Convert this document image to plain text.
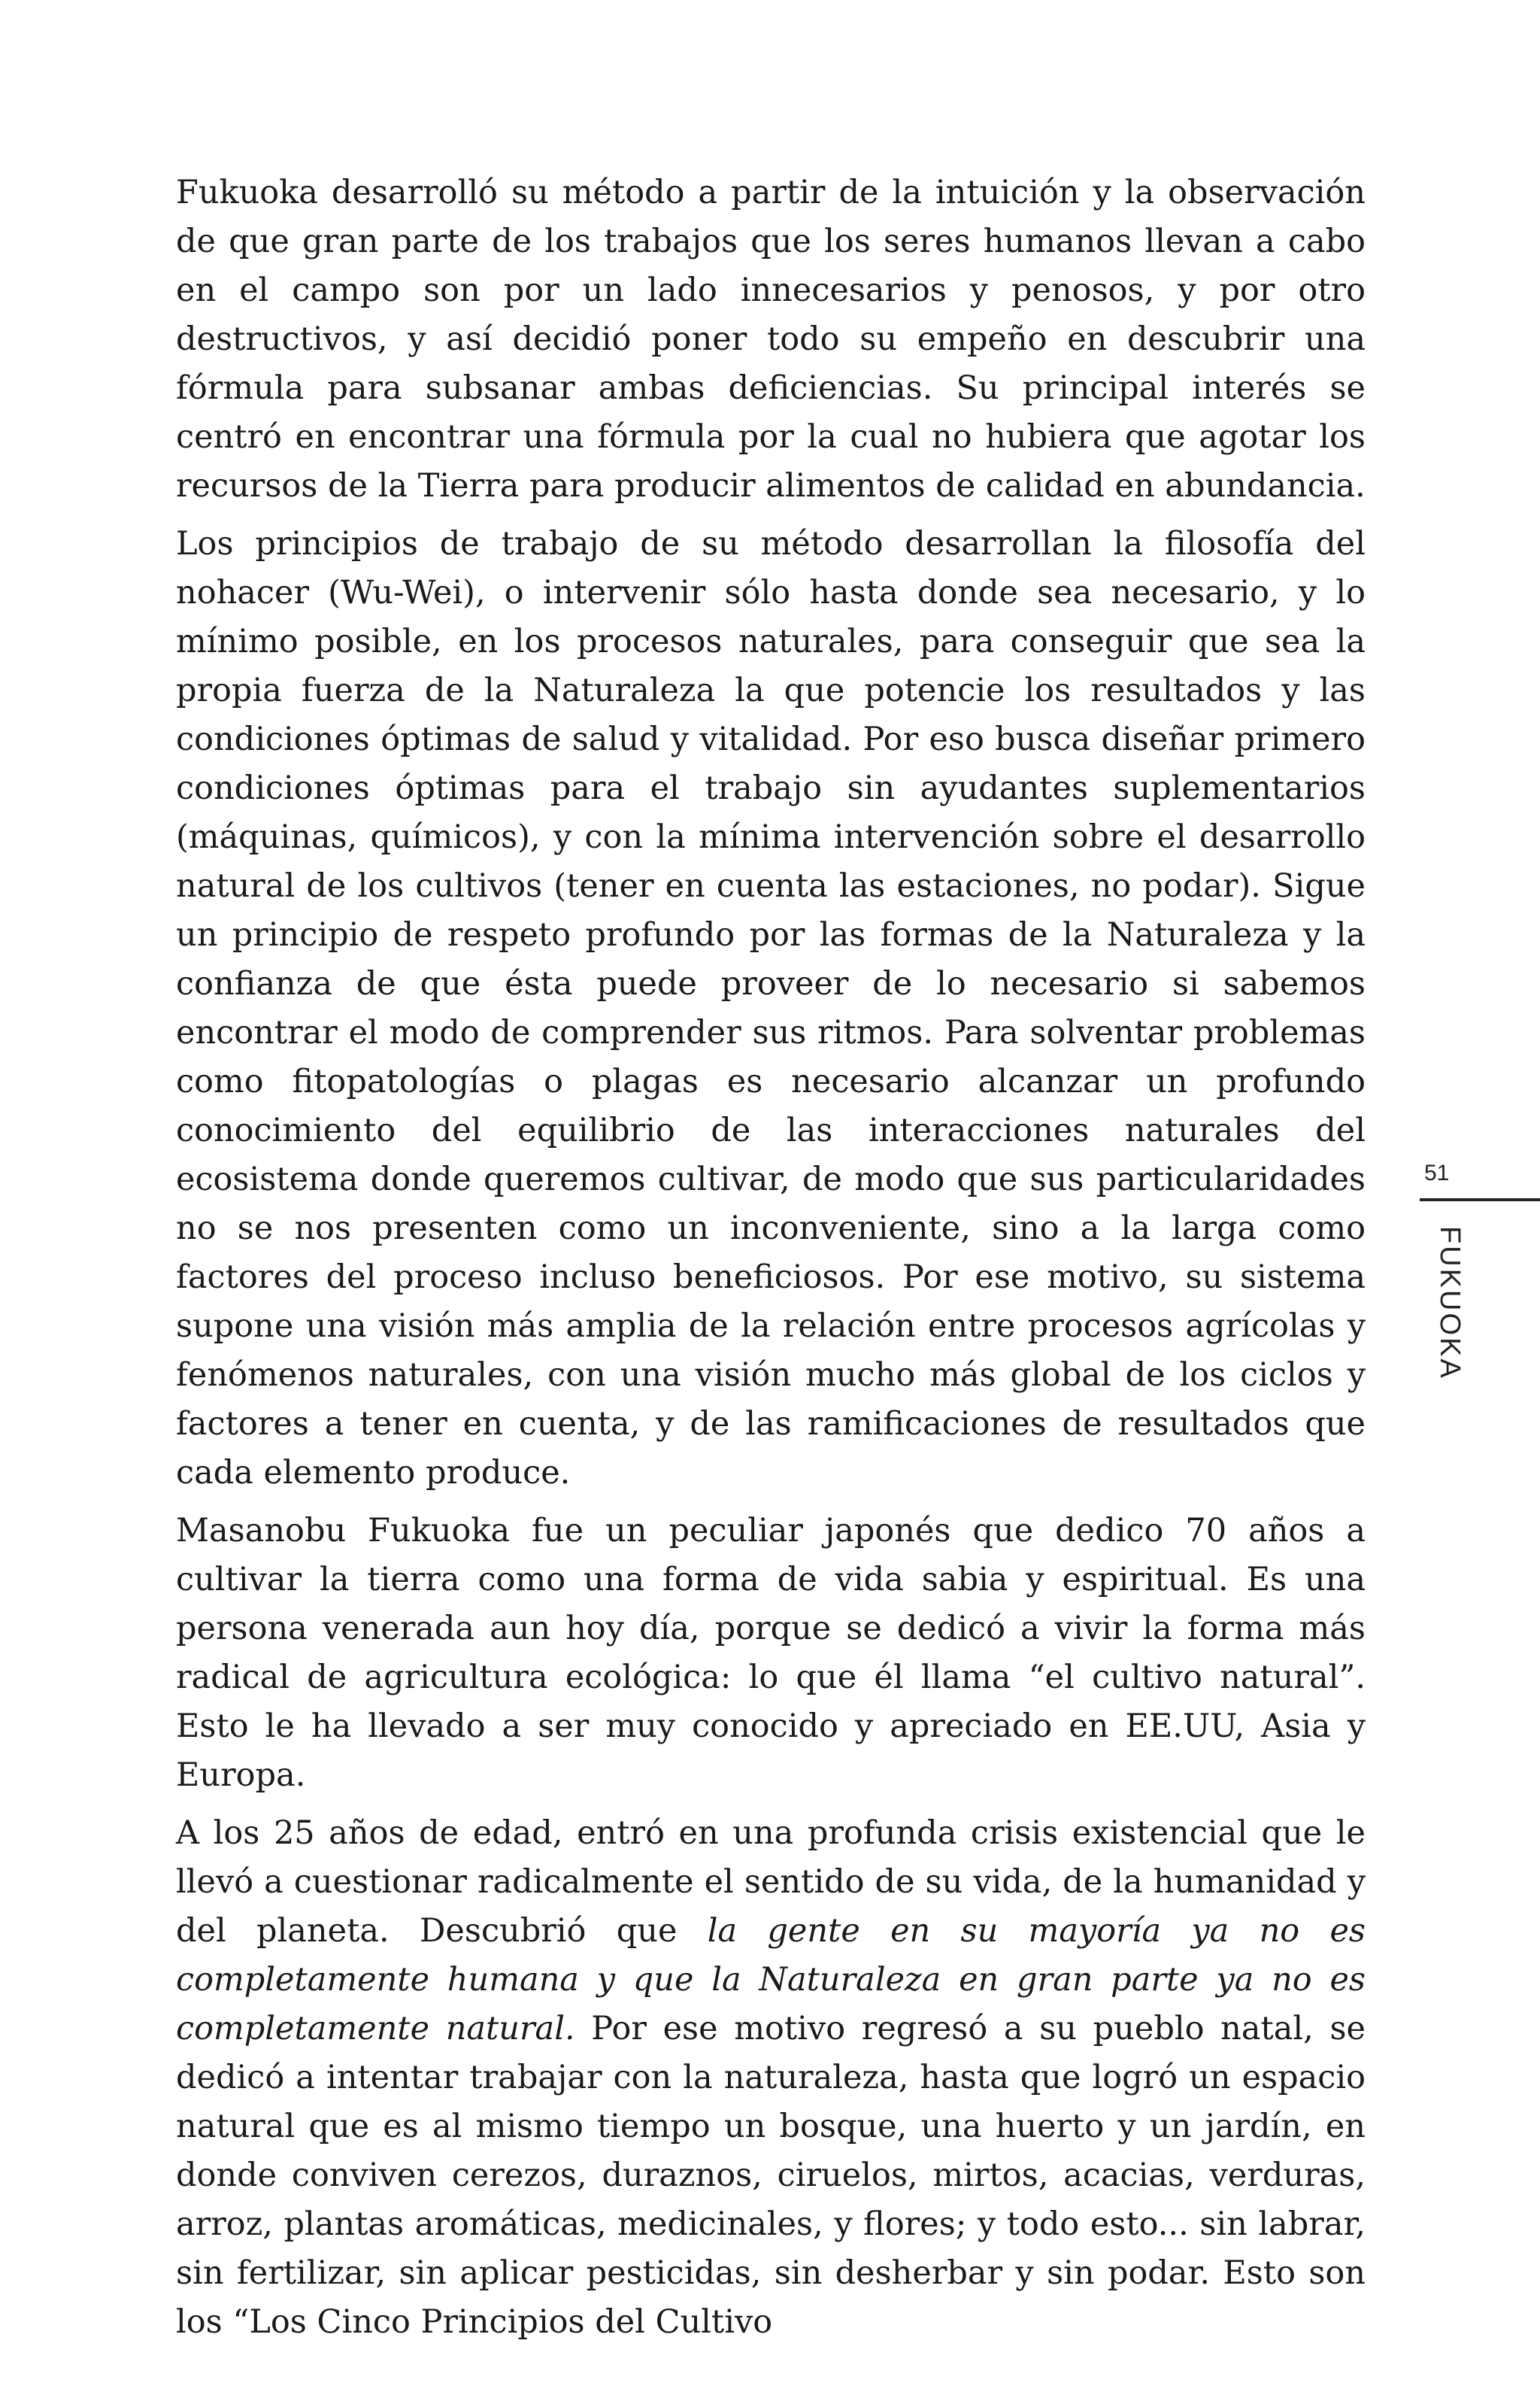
Fukuoka desarrolló su método a partir de la intuición y la observación de que gran parte de los trabajos que los seres humanos llevan a cabo en el campo son por un lado innecesarios y penosos, y por otro destructivos, y así decidió poner todo su empeño en descubrir una fórmula para subsanar ambas deficiencias. Su principal interés se centró en encontrar una fórmula por la cual no hubiera que agotar los recursos de la Tierra para producir alimentos de calidad en abundancia.

Los principios de trabajo de su método desarrollan la filosofía del nohacer (Wu-Wei), o intervenir sólo hasta donde sea necesario, y lo mínimo posible, en los procesos naturales, para conseguir que sea la propia fuerza de la Naturaleza la que potencie los resultados y las condiciones óptimas de salud y vitalidad. Por eso busca diseñar primero condiciones óptimas para el trabajo sin ayudantes suplementarios (máquinas, químicos), y con la mínima intervención sobre el desarrollo natural de los cultivos (tener en cuenta las estaciones, no podar). Sigue un principio de respeto profundo por las formas de la Naturaleza y la confianza de que ésta puede proveer de lo necesario si sabemos encontrar el modo de comprender sus ritmos. Para solventar problemas como fitopatologías o plagas es necesario alcanzar un profundo conocimiento del equilibrio de las interacciones naturales del ecosistema donde queremos cultivar, de modo que sus particularidades no se nos presenten como un inconveniente, sino a la larga como factores del proceso incluso beneficiosos. Por ese motivo, su sistema supone una visión más amplia de la relación entre procesos agrícolas y fenómenos naturales, con una visión mucho más global de los ciclos y factores a tener en cuenta, y de las ramificaciones de resultados que cada elemento produce.

Masanobu Fukuoka fue un peculiar japonés que dedico 70 años a cultivar la tierra como una forma de vida sabia y espiritual. Es una persona venerada aun hoy día, porque se dedicó a vivir la forma más radical de agricultura ecológica: lo que él llama “el cultivo natural”. Esto le ha llevado a ser muy conocido y apreciado en EE.UU, Asia y Europa.

A los 25 años de edad, entró en una profunda crisis existencial que le llevó a cuestionar radicalmente el sentido de su vida, de la humanidad y del planeta. Descubrió que la gente en su mayoría ya no es completamente humana y que la Naturaleza en gran parte ya no es completamente natural. Por ese motivo regresó a su pueblo natal, se dedicó a intentar trabajar con la naturaleza, hasta que logró un espacio natural que es al mismo tiempo un bosque, una huerto y un jardín, en donde conviven cerezos, duraznos, ciruelos, mirtos, acacias, verduras, arroz, plantas aromáticas, medicinales, y flores; y todo esto... sin labrar, sin fertilizar, sin aplicar pesticidas, sin desherbar y sin podar. Esto son los “Los Cinco Principios del Cultivo

51
FUKUOKA
